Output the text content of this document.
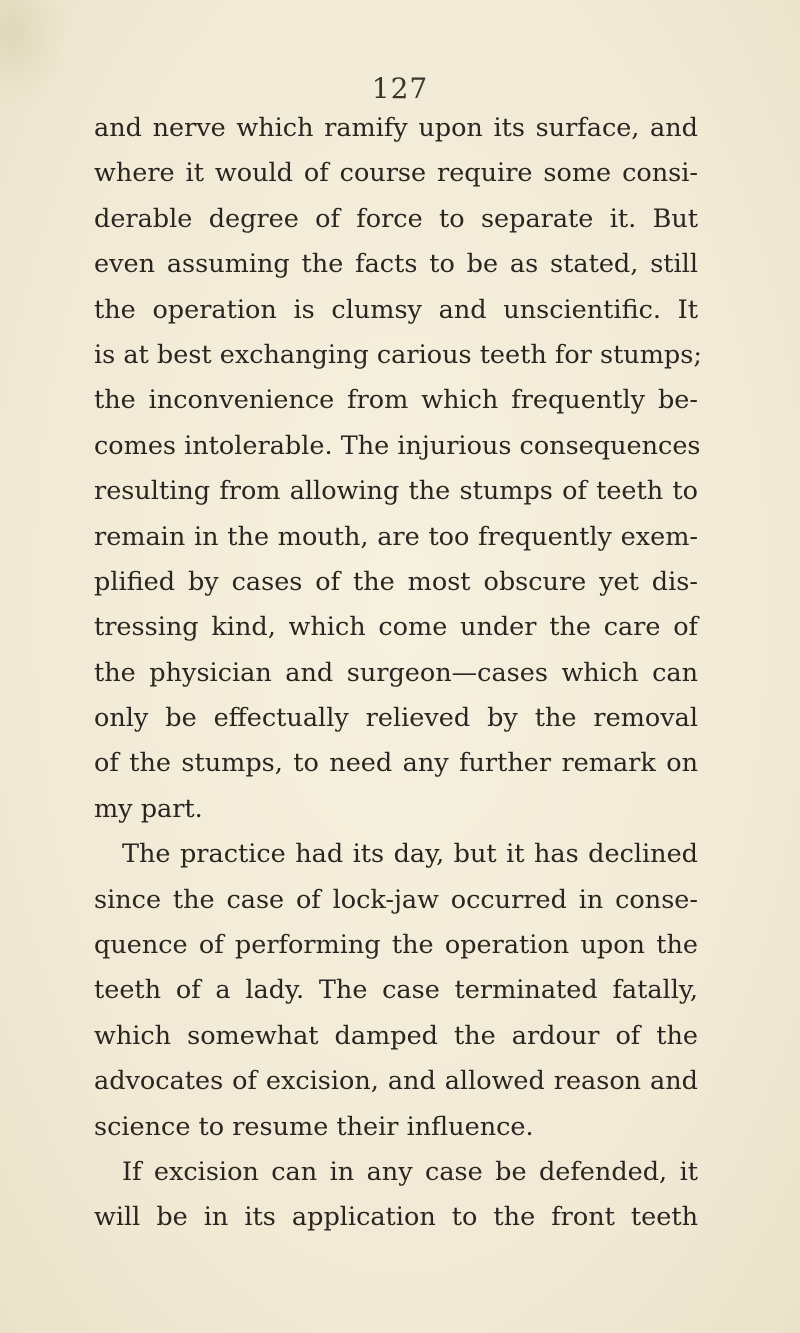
127
and nerve which ramify upon its surface, and
where it would of course require some consi-
derable degree of force to separate it. But
even assuming the facts to be as stated, still
the operation is clumsy and unscientific. It
is at best exchanging carious teeth for stumps;
the inconvenience from which frequently be-
comes intolerable. The injurious consequences
resulting from allowing the stumps of teeth to
remain in the mouth, are too frequently exem-
plified by cases of the most obscure yet dis-
tressing kind, which come under the care of
the physician and surgeon—cases which can
only be effectually relieved by the removal
of the stumps, to need any further remark on
my part.
The practice had its day, but it has declined
since the case of lock-jaw occurred in conse-
quence of performing the operation upon the
teeth of a lady. The case terminated fatally,
which somewhat damped the ardour of the
advocates of excision, and allowed reason and
science to resume their influence.
If excision can in any case be defended, it
will be in its application to the front teeth
